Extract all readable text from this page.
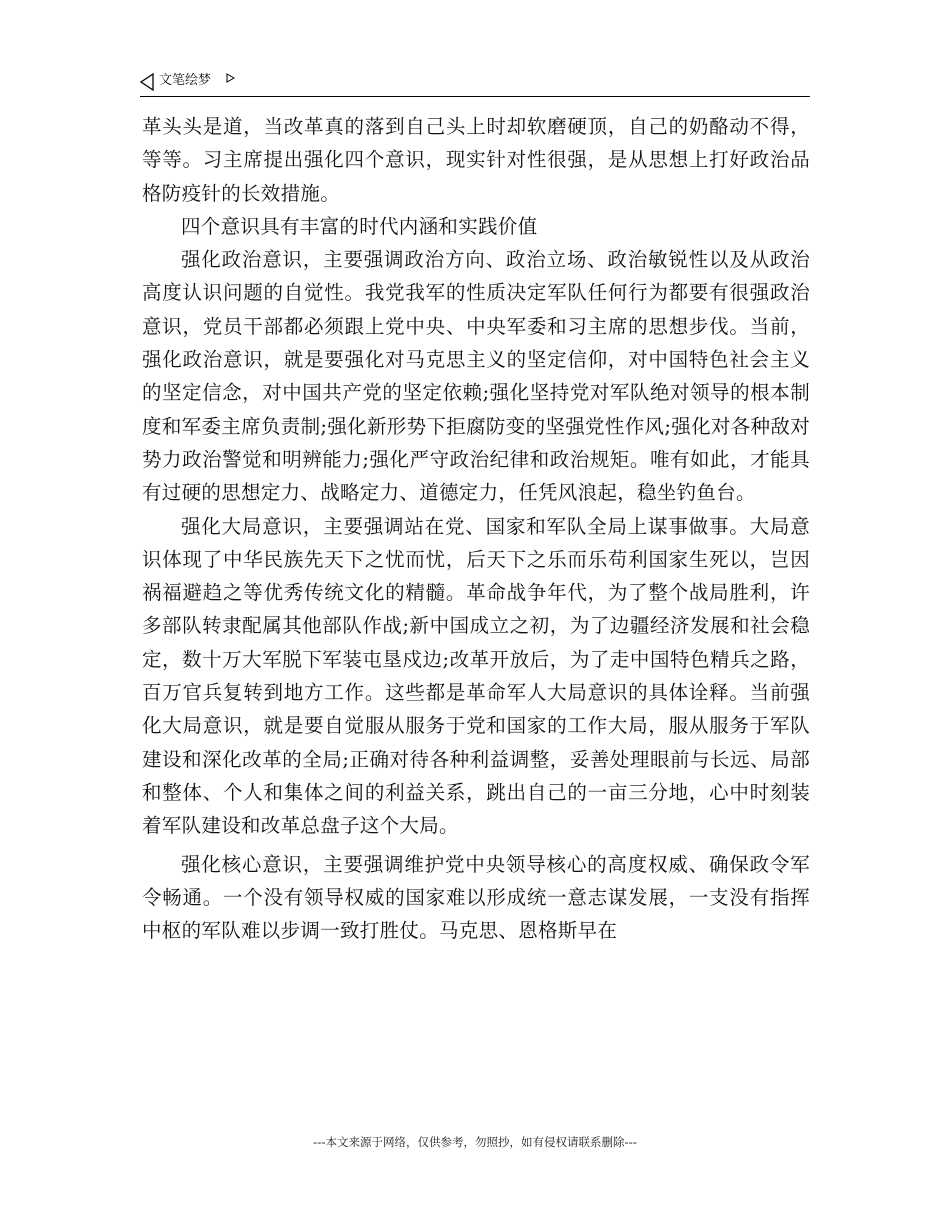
文笔绘梦

革头头是道，当改革真的落到自己头上时却软磨硬顶，自己的奶酪动不得，等等。习主席提出强化四个意识，现实针对性很强，是从思想上打好政治品格防疫针的长效措施。

四个意识具有丰富的时代内涵和实践价值

强化政治意识，主要强调政治方向、政治立场、政治敏锐性以及从政治高度认识问题的自觉性。我党我军的性质决定军队任何行为都要有很强政治意识，党员干部都必须跟上党中央、中央军委和习主席的思想步伐。当前，强化政治意识，就是要强化对马克思主义的坚定信仰，对中国特色社会主义的坚定信念，对中国共产党的坚定依赖;强化坚持党对军队绝对领导的根本制度和军委主席负责制;强化新形势下拒腐防变的坚强党性作风;强化对各种敌对势力政治警觉和明辨能力;强化严守政治纪律和政治规矩。唯有如此，才能具有过硬的思想定力、战略定力、道德定力，任凭风浪起，稳坐钓鱼台。

强化大局意识，主要强调站在党、国家和军队全局上谋事做事。大局意识体现了中华民族先天下之忧而忧，后天下之乐而乐苟利国家生死以，岂因祸福避趋之等优秀传统文化的精髓。革命战争年代，为了整个战局胜利，许多部队转隶配属其他部队作战;新中国成立之初，为了边疆经济发展和社会稳定，数十万大军脱下军装屯垦戍边;改革开放后，为了走中国特色精兵之路，百万官兵复转到地方工作。这些都是革命军人大局意识的具体诠释。当前强化大局意识，就是要自觉服从服务于党和国家的工作大局，服从服务于军队建设和深化改革的全局;正确对待各种利益调整，妥善处理眼前与长远、局部和整体、个人和集体之间的利益关系，跳出自己的一亩三分地，心中时刻装着军队建设和改革总盘子这个大局。

强化核心意识，主要强调维护党中央领导核心的高度权威、确保政令军令畅通。一个没有领导权威的国家难以形成统一意志谋发展，一支没有指挥中枢的军队难以步调一致打胜仗。马克思、恩格斯早在

---本文来源于网络，仅供参考，勿照抄，如有侵权请联系删除---
